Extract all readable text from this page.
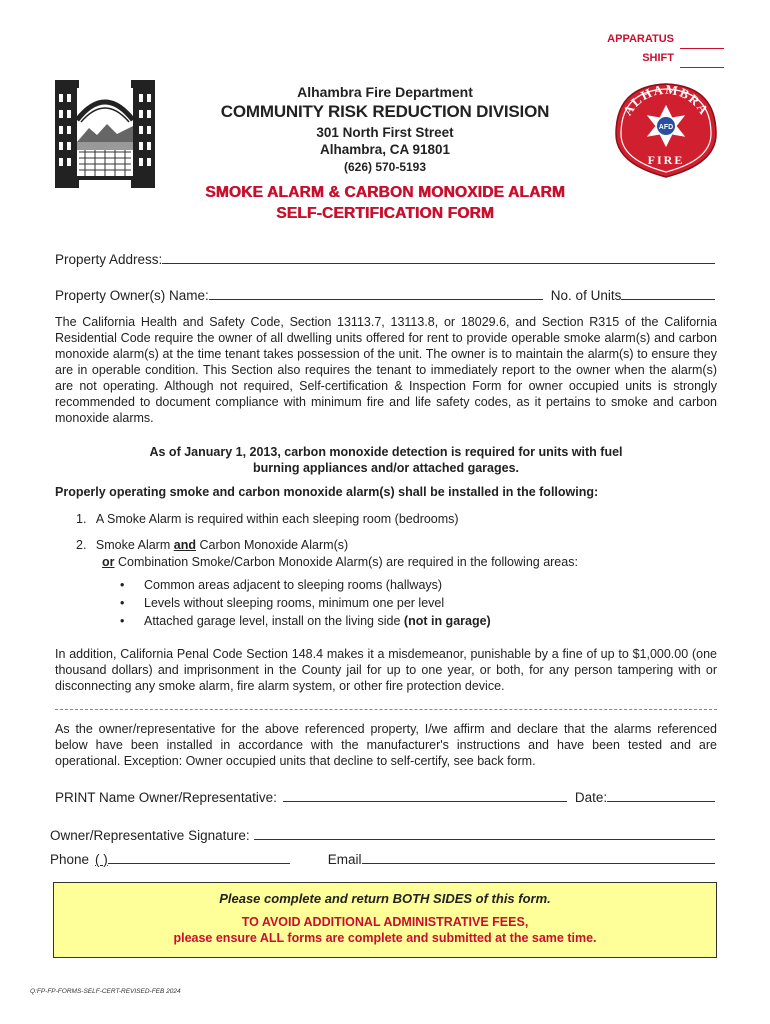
APPARATUS
SHIFT
Alhambra Fire Department
COMMUNITY RISK REDUCTION DIVISION
301 North First Street
Alhambra, CA 91801
(626) 570-5193
ALHAMBRA
AFD
FIRE
SMOKE ALARM & CARBON MONOXIDE ALARM
SELF-CERTIFICATION FORM
Property Address:
Property Owner(s) Name:	No. of Units
The California Health and Safety Code, Section 13113.7, 13113.8, or 18029.6, and Section R315 of the California Residential Code require the owner of all dwelling units offered for rent to provide operable smoke alarm(s) and carbon monoxide alarm(s) at the time tenant takes possession of the unit. The owner is to maintain the alarm(s) to ensure they are in operable condition. This Section also requires the tenant to immediately report to the owner when the alarm(s) are not operating. Although not required, Self-certification & Inspection Form for owner occupied units is strongly recommended to document compliance with minimum fire and life safety codes, as it pertains to smoke and carbon monoxide alarms.
As of January 1, 2013, carbon monoxide detection is required for units with fuel
burning appliances and/or attached garages.
Properly operating smoke and carbon monoxide alarm(s) shall be installed in the following:
1. A Smoke Alarm is required within each sleeping room (bedrooms)
2. Smoke Alarm and Carbon Monoxide Alarm(s)
or Combination Smoke/Carbon Monoxide Alarm(s) are required in the following areas:
• Common areas adjacent to sleeping rooms (hallways)
• Levels without sleeping rooms, minimum one per level
• Attached garage level, install on the living side (not in garage)
In addition, California Penal Code Section 148.4 makes it a misdemeanor, punishable by a fine of up to $1,000.00 (one thousand dollars) and imprisonment in the County jail for up to one year, or both, for any person tampering with or disconnecting any smoke alarm, fire alarm system, or other fire protection device.
As the owner/representative for the above referenced property, I/we affirm and declare that the alarms referenced below have been installed in accordance with the manufacturer's instructions and have been tested and are operational. Exception: Owner occupied units that decline to self-certify, see back form.
PRINT Name Owner/Representative:	Date:
Owner/Representative Signature:
Phone ( )	Email
Please complete and return BOTH SIDES of this form.
TO AVOID ADDITIONAL ADMINISTRATIVE FEES,
please ensure ALL forms are complete and submitted at the same time.
Q:FP-FP-FORMS-SELF-CERT-REVISED-FEB 2024
